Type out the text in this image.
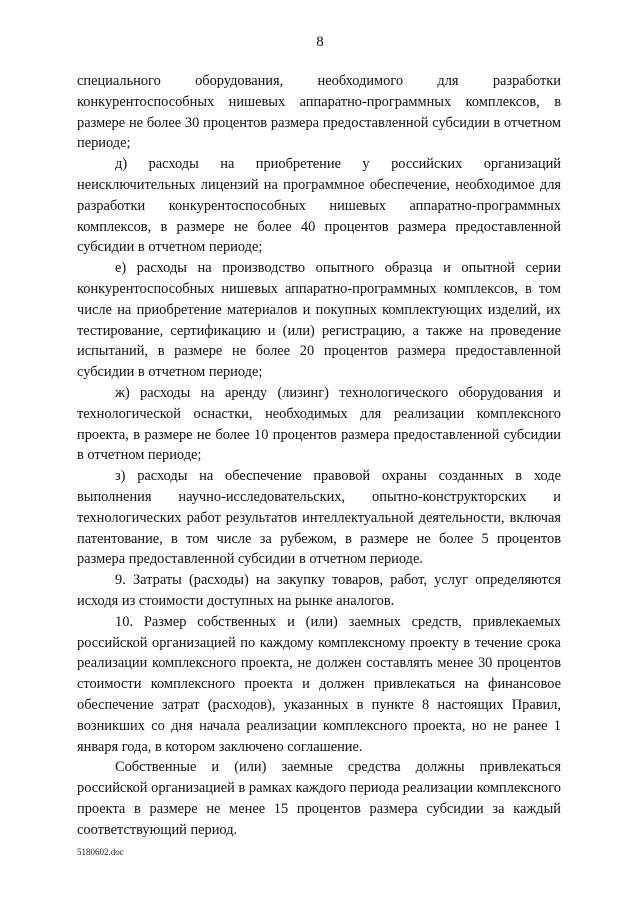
8

специального оборудования, необходимого для разработки конкурентоспособных нишевых аппаратно-программных комплексов, в размере не более 30 процентов размера предоставленной субсидии в отчетном периоде;

д) расходы на приобретение у российских организаций неисключительных лицензий на программное обеспечение, необходимое для разработки конкурентоспособных нишевых аппаратно-программных комплексов, в размере не более 40 процентов размера предоставленной субсидии в отчетном периоде;

е) расходы на производство опытного образца и опытной серии конкурентоспособных нишевых аппаратно-программных комплексов, в том числе на приобретение материалов и покупных комплектующих изделий, их тестирование, сертификацию и (или) регистрацию, а также на проведение испытаний, в размере не более 20 процентов размера предоставленной субсидии в отчетном периоде;

ж) расходы на аренду (лизинг) технологического оборудования и технологической оснастки, необходимых для реализации комплексного проекта, в размере не более 10 процентов размера предоставленной субсидии в отчетном периоде;

з) расходы на обеспечение правовой охраны созданных в ходе выполнения научно-исследовательских, опытно-конструкторских и технологических работ результатов интеллектуальной деятельности, включая патентование, в том числе за рубежом, в размере не более 5 процентов размера предоставленной субсидии в отчетном периоде.

9. Затраты (расходы) на закупку товаров, работ, услуг определяются исходя из стоимости доступных на рынке аналогов.

10. Размер собственных и (или) заемных средств, привлекаемых российской организацией по каждому комплексному проекту в течение срока реализации комплексного проекта, не должен составлять менее 30 процентов стоимости комплексного проекта и должен привлекаться на финансовое обеспечение затрат (расходов), указанных в пункте 8 настоящих Правил, возникших со дня начала реализации комплексного проекта, но не ранее 1 января года, в котором заключено соглашение.

Собственные и (или) заемные средства должны привлекаться российской организацией в рамках каждого периода реализации комплексного проекта в размере не менее 15 процентов размера субсидии за каждый соответствующий период.

5180602.doc
